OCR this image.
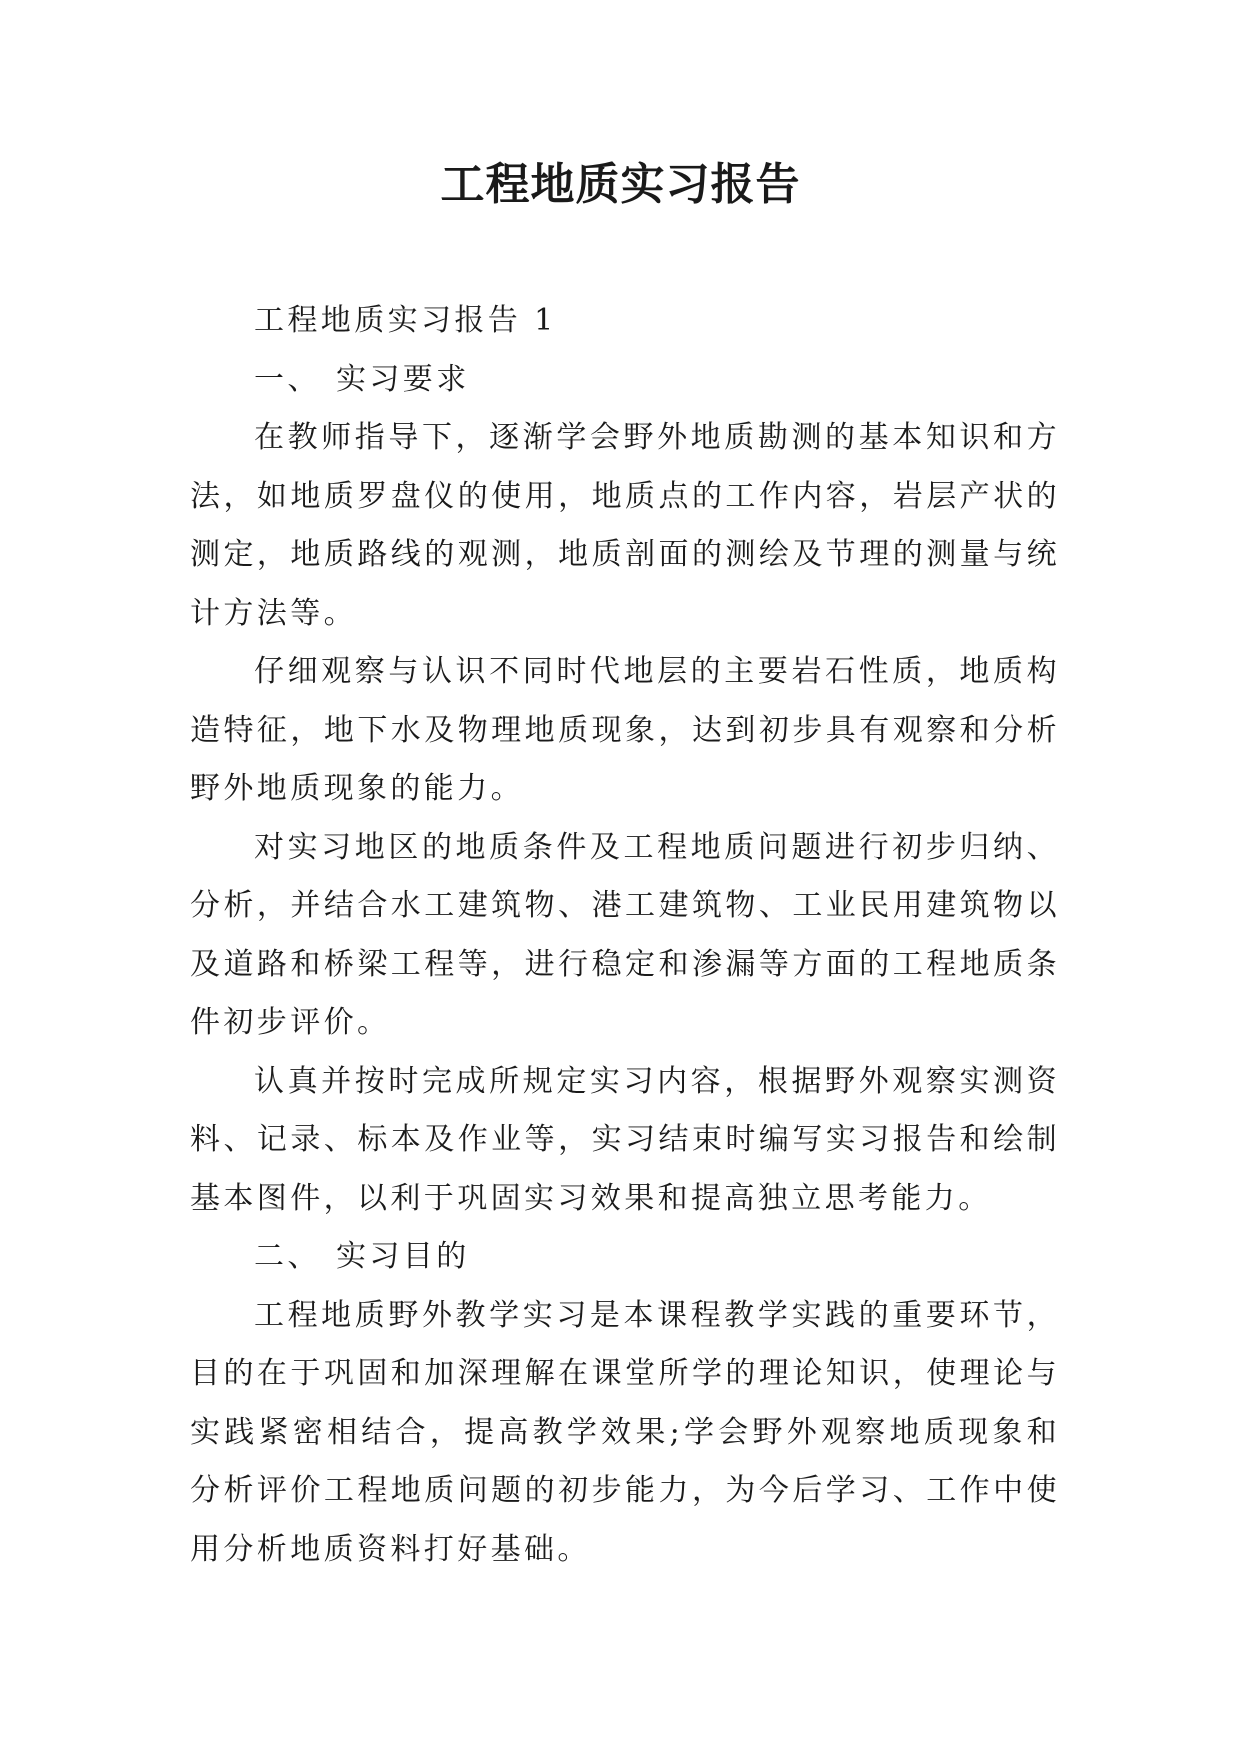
工程地质实习报告

工程地质实习报告 1

一、 实习要求

在教师指导下，逐渐学会野外地质勘测的基本知识和方法，如地质罗盘仪的使用，地质点的工作内容，岩层产状的测定，地质路线的观测，地质剖面的测绘及节理的测量与统计方法等。

仔细观察与认识不同时代地层的主要岩石性质，地质构造特征，地下水及物理地质现象，达到初步具有观察和分析野外地质现象的能力。

对实习地区的地质条件及工程地质问题进行初步归纳、分析，并结合水工建筑物、港工建筑物、工业民用建筑物以及道路和桥梁工程等，进行稳定和渗漏等方面的工程地质条件初步评价。

认真并按时完成所规定实习内容，根据野外观察实测资料、记录、标本及作业等，实习结束时编写实习报告和绘制基本图件，以利于巩固实习效果和提高独立思考能力。

二、 实习目的

工程地质野外教学实习是本课程教学实践的重要环节，目的在于巩固和加深理解在课堂所学的理论知识，使理论与实践紧密相结合，提高教学效果;学会野外观察地质现象和分析评价工程地质问题的初步能力，为今后学习、工作中使用分析地质资料打好基础。
